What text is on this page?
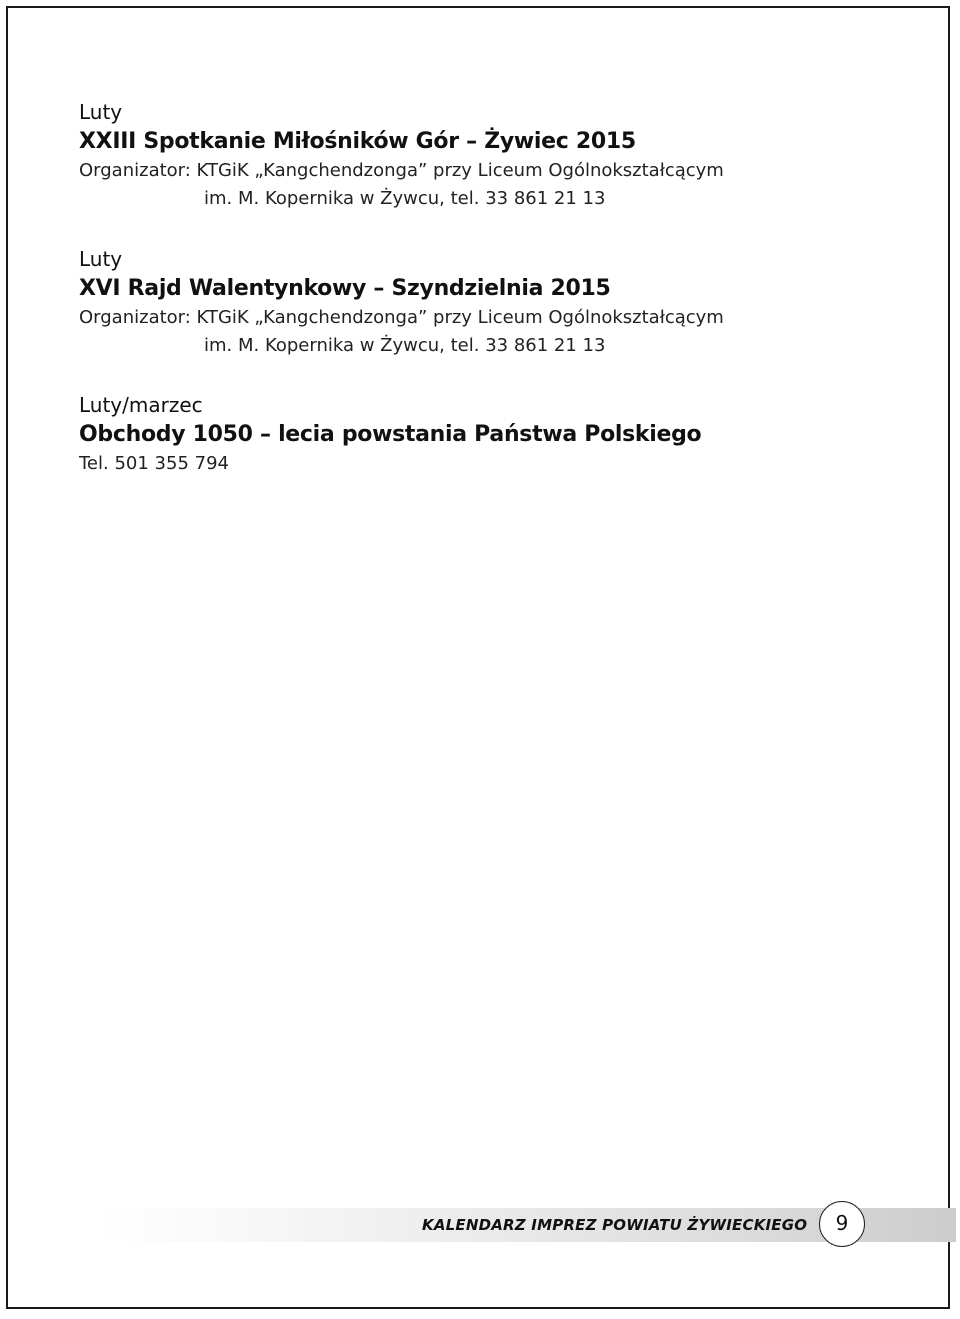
Luty

XXIII Spotkanie Miłośników Gór – Żywiec 2015

Organizator: KTGiK „Kangchendzonga” przy Liceum Ogólnokształcącym

im. M. Kopernika w Żywcu, tel. 33 861 21 13

Luty

XVI Rajd Walentynkowy – Szyndzielnia 2015

Organizator: KTGiK „Kangchendzonga” przy Liceum Ogólnokształcącym

im. M. Kopernika w Żywcu, tel. 33 861 21 13

Luty/marzec

Obchody 1050 – lecia powstania Państwa Polskiego

Tel. 501 355 794

KALENDARZ IMPREZ POWIATU ŻYWIECKIEGO	9
